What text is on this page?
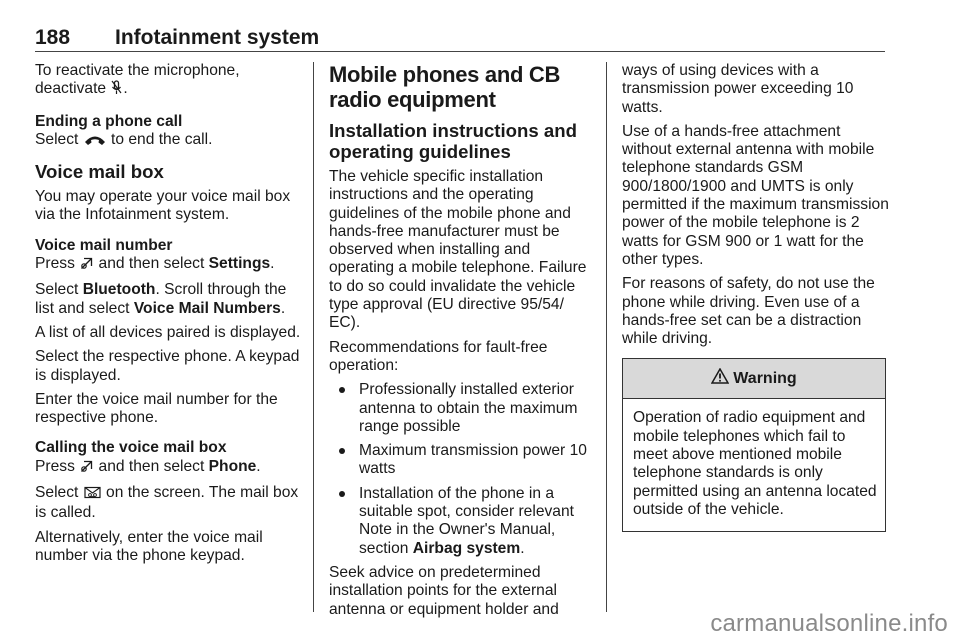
188 Infotainment system

To reactivate the microphone, deactivate .

Ending a phone call

Select  to end the call.

Voice mail box

You may operate your voice mail box via the Infotainment system.

Voice mail number

Press  and then select Settings.

Select Bluetooth. Scroll through the list and select Voice Mail Numbers.

A list of all devices paired is displayed.

Select the respective phone. A keypad is displayed.

Enter the voice mail number for the respective phone.

Calling the voice mail box

Press  and then select Phone.

Select  on the screen. The mail box is called.

Alternatively, enter the voice mail number via the phone keypad.

Mobile phones and CB radio equipment
Installation instructions and operating guidelines

The vehicle specific installation instructions and the operating guidelines of the mobile phone and hands-free manufacturer must be observed when installing and operating a mobile telephone. Failure to do so could invalidate the vehicle type approval (EU directive 95/54/ EC).

Recommendations for fault-free operation:

Professionally installed exterior antenna to obtain the maximum range possible
Maximum transmission power 10 watts
Installation of the phone in a suitable spot, consider relevant Note in the Owner's Manual, section Airbag system.

Seek advice on predetermined installation points for the external antenna or equipment holder and

ways of using devices with a transmission power exceeding 10 watts.

Use of a hands-free attachment without external antenna with mobile telephone standards GSM 900/1800/1900 and UMTS is only permitted if the maximum transmission power of the mobile telephone is 2 watts for GSM 900 or 1 watt for the other types.

For reasons of safety, do not use the phone while driving. Even use of a hands-free set can be a distraction while driving.

Warning
Operation of radio equipment and mobile telephones which fail to meet above mentioned mobile telephone standards is only permitted using an antenna located outside of the vehicle.
carmanualsonline.info
